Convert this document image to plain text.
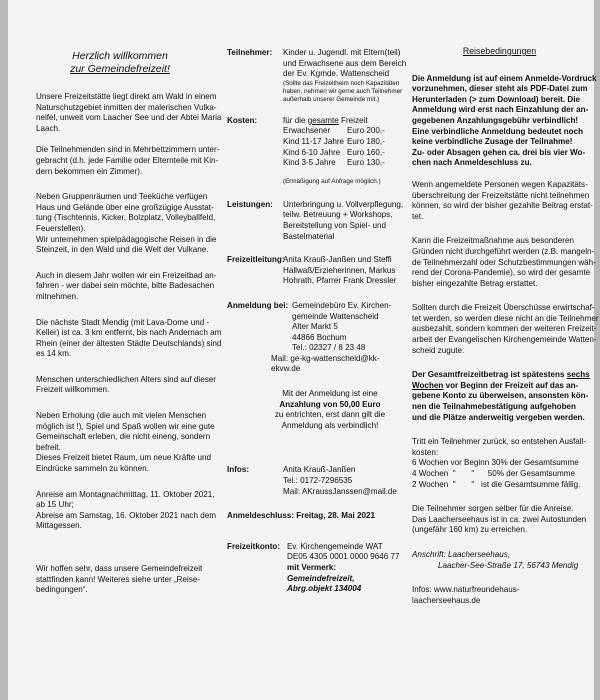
Herzlich willkommen
zur Gemeindefreizeit!
Unsere Freizeitstätte liegt direkt am Wald in einem
Naturschutzgebiet inmitten der malerischen Vulka-
neifel, unweit vom Laacher See und der Abtei Maria
Laach.
Die Teilnehmenden sind in Mehrbettzimmern unter-
gebracht (d.h. jede Familie oder Elternteile mit Kin-
dern bekommen ein Zimmer).
Neben Gruppenräumen und Teeküche verfügen
Haus und Gelände über eine großzügige Ausstat-
tung (Tischtennis, Kicker, Bolzplatz, Volleyballfeld,
Feuerstellen).
Wir unternehmen spielpädagogische Reisen in die
Steinzeit, in den Wald und die Welt der Vulkane.
Auch in diesem Jahr wollen wir ein Freizeitbad an-
fahren - wer dabei sein möchte, bitte Badesachen
mitnehmen.
Die nächste Stadt Mendig (mit Lava-Dome und -
Keller) ist ca. 3 km entfernt, bis nach Andernach am
Rhein (einer der ältesten Städte Deutschlands) sind
es 14 km.
Menschen unterschiedlichen Alters sind auf dieser
Freizeit willkommen.
Neben Erholung (die auch mit vielen Menschen
möglich ist !), Spiel und Spaß wollen wir eine gute
Gemeinschaft erleben, die nicht eineng, sondern
befreit.
Dieses Freizeit bietet Raum, um neue Kräfte und
Eindrücke sammeln zu können.
Anreise am Montagnachmittag, 11. Oktober 2021,
ab 15 Uhr;
Abreise am Samstag, 16. Oktober 2021 nach dem
Mittagessen.
Wir hoffen sehr, dass unsere Gemeindefreizeit
stattfinden kann! Weiteres siehe unter „Reise-
bedingungen“.
Teilnehmer: Kinder u. Jugendl. mit Eltern(teil)
und Erwachsene aus dem Bereich
der Ev. Kgmde. Wattenscheid
(Sollte das Freizeitheim noch Kapazitäten
haben, nehmen wir gerne auch Teilnehmer
außerhalb unserer Gemeinde mit.)
Kosten:	für die gesamte Freizeit
Erwachsener	Euro 200,-
Kind 11-17 Jahre	Euro 180,-
Kind 6-10 Jahre	Euro 160,-
Kind 3-5 Jahre	Euro 130,-
(Ermäßigung auf Anfrage möglich.)
Leistungen: Unterbringung u. Vollverpflegung,
teilw. Betreuung + Workshops,
Bereitstellung von Spiel- und
Bastelmaterial
Freizeitleitung:
Anita Krauß-Janßen und Steffi
Hallwaß/Erzieherinnen, Markus
Hohrath, Pfarrer Frank Dressler
Anmeldung bei: Gemeindebüro Ev. Kirchen-
gemeinde Wattenscheid
Alter Markt 5
44866 Bochum
Tel.: 02327 / 8 23 48
Mail: ge-kg-wattenscheid@kk-ekvw.de
Mit der Anmeldung ist eine
Anzahlung von 50,00 Euro
zu entrichten, erst dann gilt die
Anmeldung als verbindlich!
Infos:	Anita Krauß-Janßen
Tel.: 0172-7296535
Mail: AKraussJanssen@mail.de
Anmeldeschluss: Freitag, 28. Mai 2021
Freizeitkonto: Ev. Kirchengemeinde WAT
DE05 4305 0001 0000 9646 77
mit Vermerk:
Gemeindefreizeit,
Abrg.objekt 134004
Reisebedingungen
Die Anmeldung ist auf einem Anmelde-Vordruck
vorzunehmen, dieser steht als PDF-Datei zum
Herunterladen (> zum Download) bereit. Die
Anmeldung wird erst nach Einzahlung der an-
gegebenen Anzahlungsgebühr verbindlich!
Eine verbindliche Anmeldung bedeutet noch
keine verbindliche Zusage der Teilnahme!
Zu- oder Absagen gehen ca. drei bis vier Wo-
chen nach Anmeldeschluss zu.
Wenn angemeldete Personen wegen Kapazitäts-
überschreitung der Freizeitstätte nicht teilnehmen
können, so wird der bisher gezahlte Beitrag erstat-
tet.
Kann die Freizeitmaßnahme aus besonderen
Gründen nicht durchgeführt werden (z.B. mangeln-
de Teilnehmerzahl oder Schutzbestimmungen wäh-
rend der Corona-Pandemie), so wird der gesamte
bisher eingezahlte Betrag erstattet.
Sollten durch die Freizeit Überschüsse erwirtschaf-
tet werden, so werden diese nicht an die Teilnehmer
ausbezahlt, sondern kommen der weiteren Freizeit-
arbeit der Evangelischen Kirchengemeinde Watten-
scheid zugute.
Der Gesamtfreizeitbetrag ist spätestens sechs
Wochen vor Beginn der Freizeit auf das an-
gebene Konto zu überweisen, ansonsten kön-
nen die Teilnahmebestätigung aufgehoben
und die Plätze anderweitig vergeben werden.
Tritt ein Teilnehmer zurück, so entstehen Ausfall-
kosten:
6 Wochen vor Beginn 30% der Gesamtsumme
4 Wochen  "       "      50% der Gesamtsumme
2 Wochen  "       "   ist die Gesamtsumme fällig.
Die Teilnehmer sorgen selber für die Anreise.
Das Laacherseehaus ist in ca. zwei Autostunden
(ungefähr 160 km) zu erreichen.
Anschrift: Laacherseehaus,
Laacher-See-Straße 17, 56743 Mendig
Infos: www.naturfreundehaus-laacherseehaus.de
